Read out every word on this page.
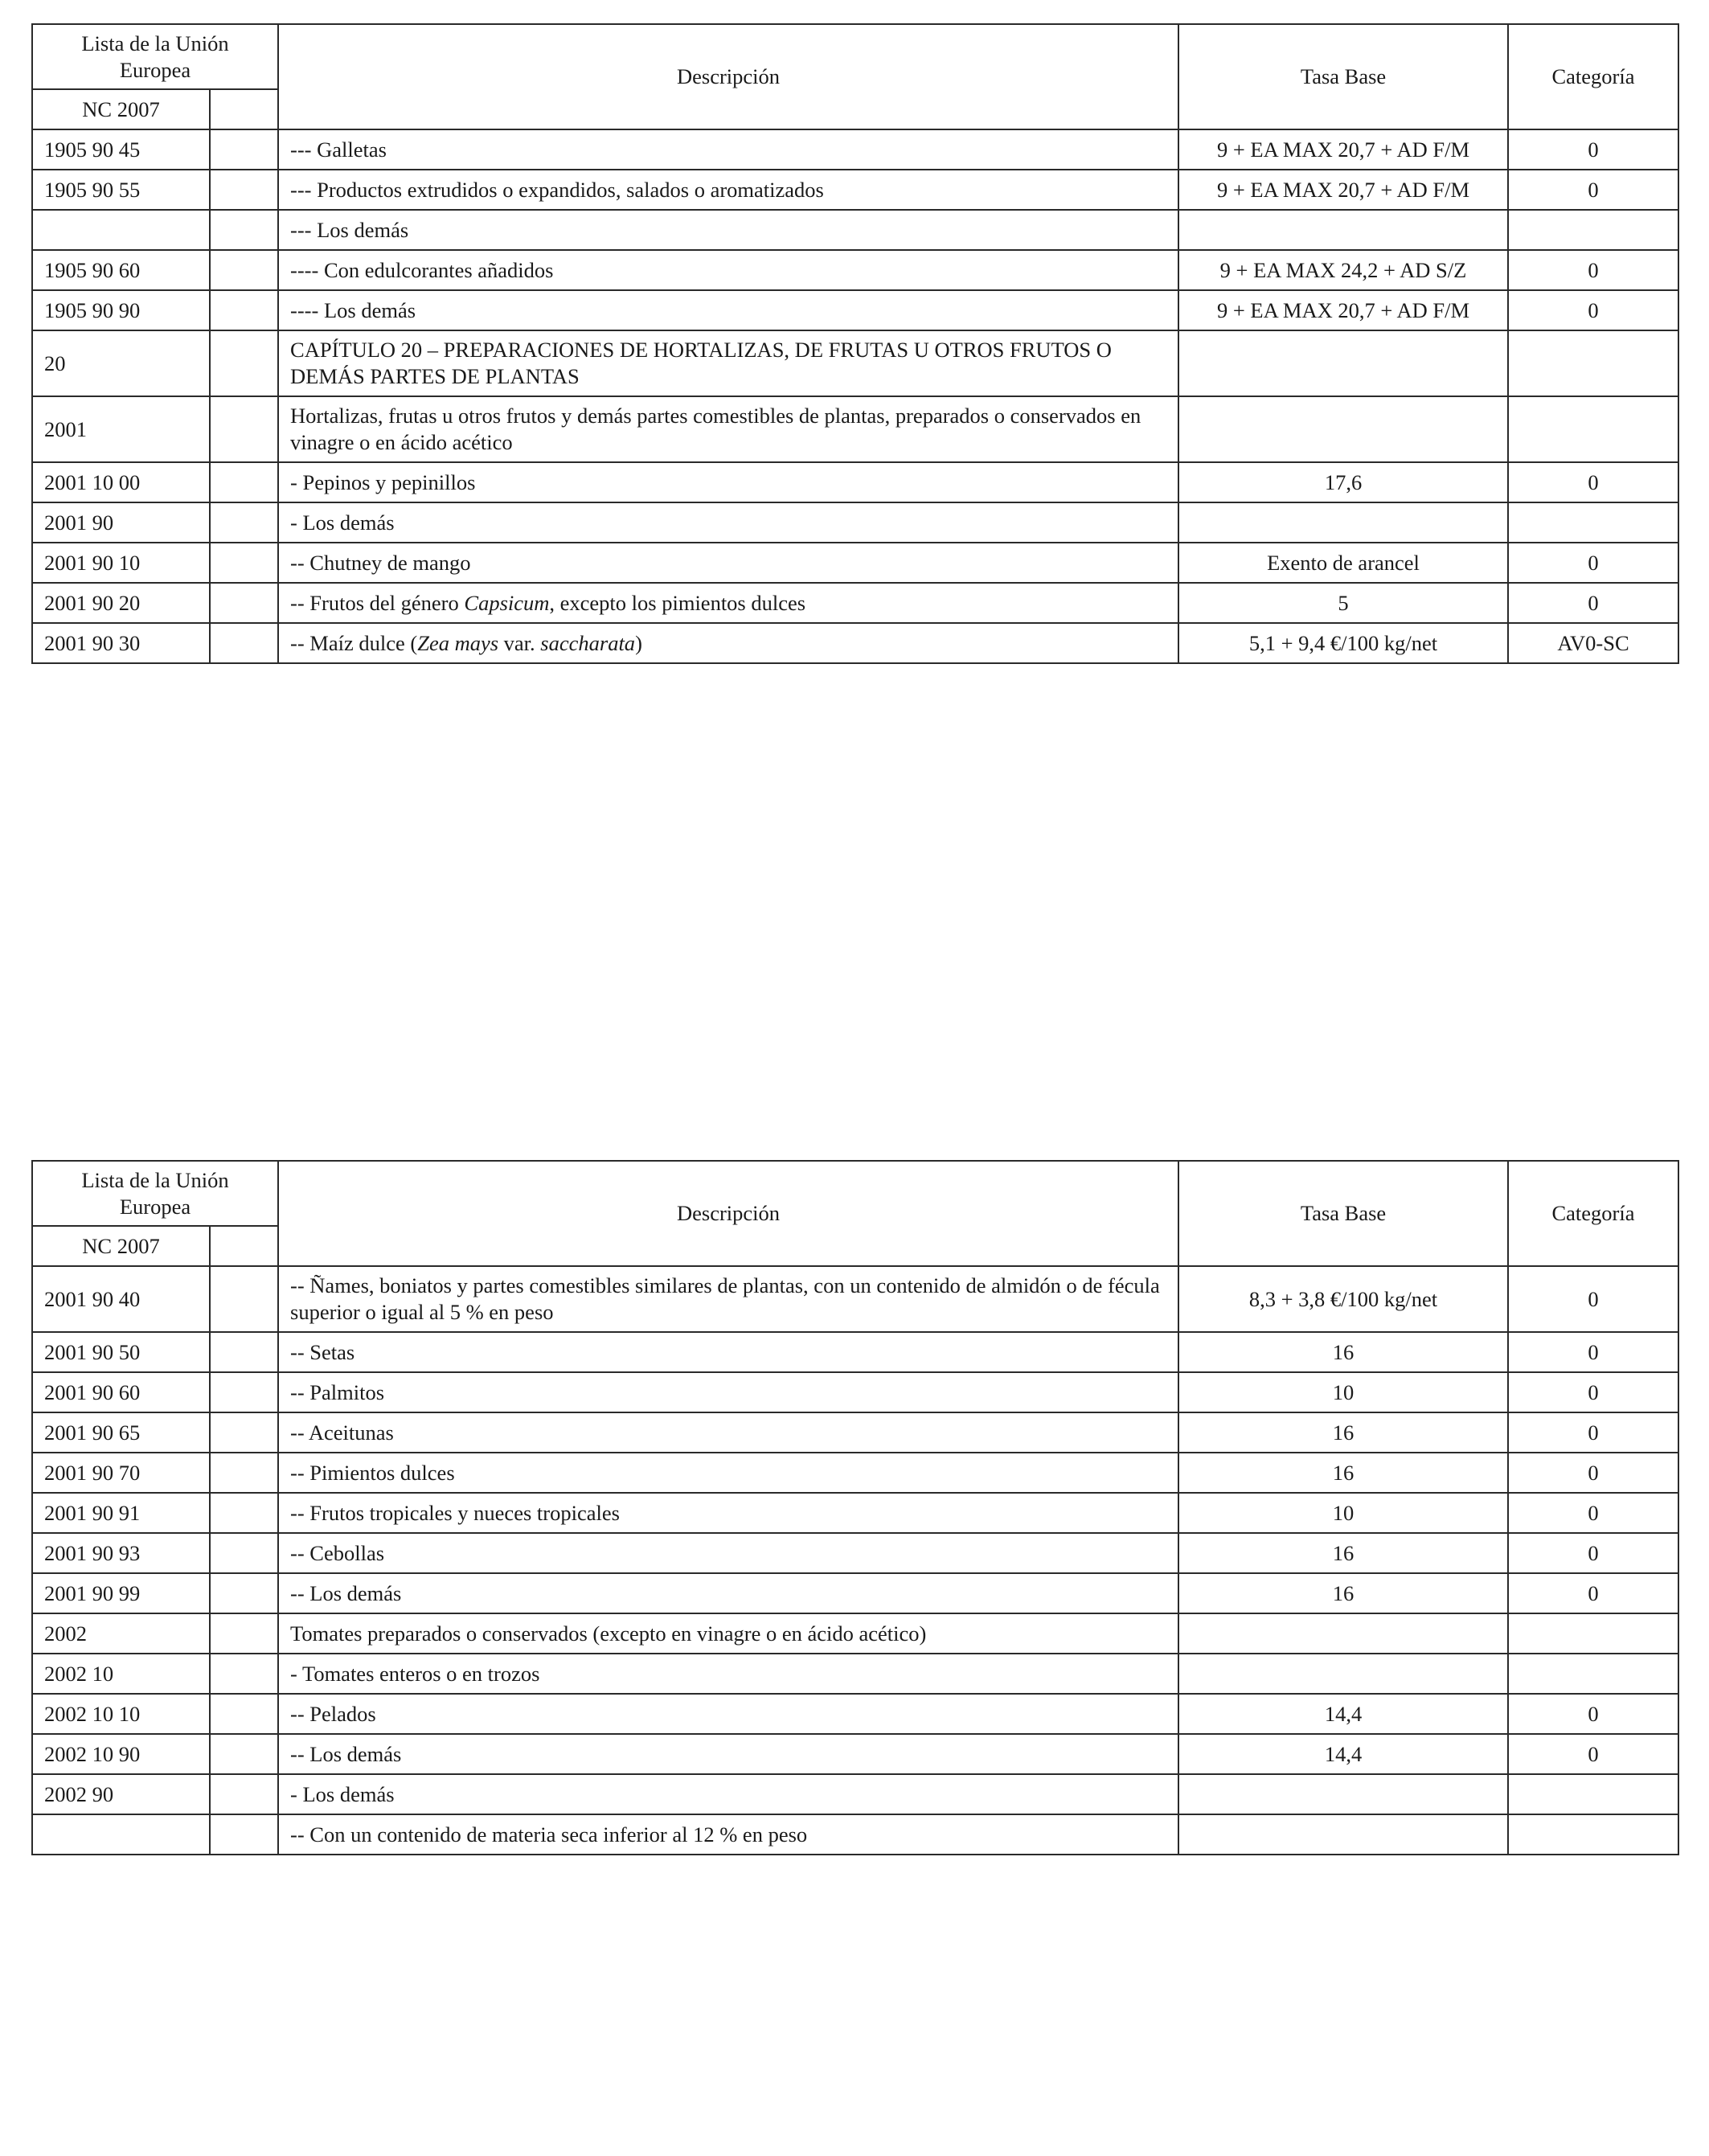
Lista de la Unión Europea		Descripción	Tasa Base	Categoría
NC 2007				
1905 90 45		--- Galletas	9 + EA MAX 20,7 + AD F/M	0
1905 90 55		--- Productos extrudidos o expandidos, salados o aromatizados	9 + EA MAX 20,7 + AD F/M	0
		--- Los demás		
1905 90 60		---- Con edulcorantes añadidos	9 + EA MAX 24,2 + AD S/Z	0
1905 90 90		---- Los demás	9 + EA MAX 20,7 + AD F/M	0
20		CAPÍTULO 20 – PREPARACIONES DE HORTALIZAS, DE FRUTAS U OTROS FRUTOS O DEMÁS PARTES DE PLANTAS		
2001		Hortalizas, frutas u otros frutos y demás partes comestibles de plantas, preparados o conservados en vinagre o en ácido acético		
2001 10 00		- Pepinos y pepinillos	17,6	0
2001 90		- Los demás		
2001 90 10		-- Chutney de mango	Exento de arancel	0
2001 90 20		-- Frutos del género Capsicum, excepto los pimientos dulces	5	0
2001 90 30		-- Maíz dulce (Zea mays var. saccharata)	5,1 + 9,4 €/100 kg/net	AV0-SC
Lista de la Unión Europea		Descripción	Tasa Base	Categoría
NC 2007				
2001 90 40		-- Ñames, boniatos y partes comestibles similares de plantas, con un contenido de almidón o de fécula superior o igual al 5 % en peso	8,3 + 3,8 €/100 kg/net	0
2001 90 50		-- Setas	16	0
2001 90 60		-- Palmitos	10	0
2001 90 65		-- Aceitunas	16	0
2001 90 70		-- Pimientos dulces	16	0
2001 90 91		-- Frutos tropicales y nueces tropicales	10	0
2001 90 93		-- Cebollas	16	0
2001 90 99		-- Los demás	16	0
2002		Tomates preparados o conservados (excepto en vinagre o en ácido acético)		
2002 10		- Tomates enteros o en trozos		
2002 10 10		-- Pelados	14,4	0
2002 10 90		-- Los demás	14,4	0
2002 90		- Los demás		
		-- Con un contenido de materia seca inferior al 12 % en peso		
